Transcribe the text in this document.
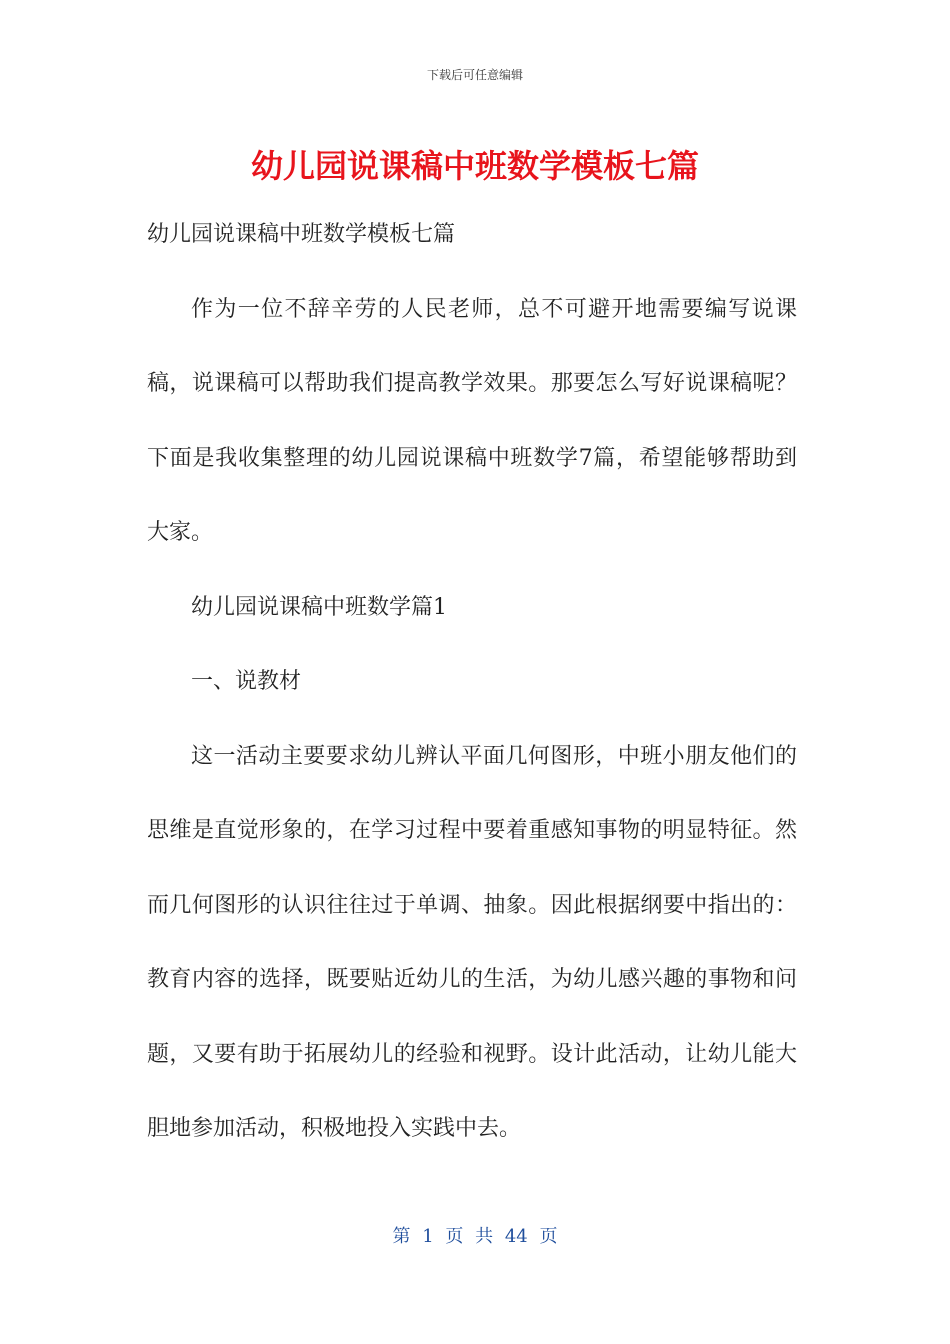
下载后可任意编辑
幼儿园说课稿中班数学模板七篇

幼儿园说课稿中班数学模板七篇

作为一位不辞辛劳的人民老师，总不可避开地需要编写说课稿，说课稿可以帮助我们提高教学效果。那要怎么写好说课稿呢？下面是我收集整理的幼儿园说课稿中班数学7篇，希望能够帮助到大家。

幼儿园说课稿中班数学篇1

一、说教材

这一活动主要要求幼儿辨认平面几何图形，中班小朋友他们的思维是直觉形象的，在学习过程中要着重感知事物的明显特征。然而几何图形的认识往往过于单调、抽象。因此根据纲要中指出的：教育内容的选择，既要贴近幼儿的生活，为幼儿感兴趣的事物和问题，又要有助于拓展幼儿的经验和视野。设计此活动，让幼儿能大胆地参加活动，积极地投入实践中去。

第 1 页 共 44 页
